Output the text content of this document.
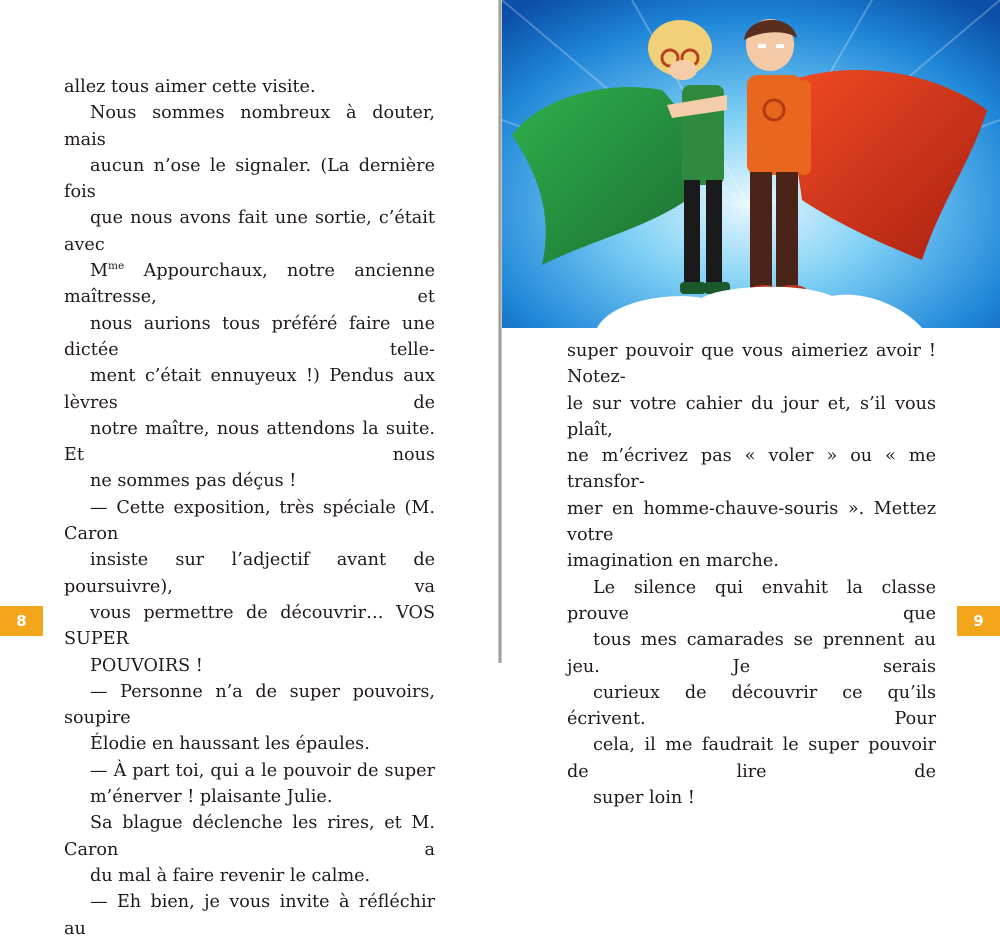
allez tous aimer cette visite.

Nous sommes nombreux à douter, mais
aucun n’ose le signaler. (La dernière fois
que nous avons fait une sortie, c’était avec
$M^{me}$ Appourchaux, notre ancienne maîtresse, et
nous aurions tous préféré faire une dictée telle-
ment c’était ennuyeux !) Pendus aux lèvres de
notre maître, nous attendons la suite. Et nous
ne sommes pas déçus !

— Cette exposition, très spéciale (M. Caron
insiste sur l’adjectif avant de poursuivre), va
vous permettre de découvrir… VOS SUPER
POUVOIRS !

— Personne n’a de super pouvoirs, soupire
Élodie en haussant les épaules.

— À part toi, qui a le pouvoir de super
m’énerver ! plaisante Julie.

Sa blague déclenche les rires, et M. Caron a
du mal à faire revenir le calme.

— Eh bien, je vous invite à réfléchir au

8

super pouvoir que vous aimeriez avoir ! Notez-
le sur votre cahier du jour et, s’il vous plaît,
ne m’écrivez pas « voler » ou « me transfor-
mer en homme-chauve-souris ». Mettez votre
imagination en marche.

Le silence qui envahit la classe prouve que
tous mes camarades se prennent au jeu. Je serais
curieux de découvrir ce qu’ils écrivent. Pour
cela, il me faudrait le super pouvoir de lire de
super loin !

9
